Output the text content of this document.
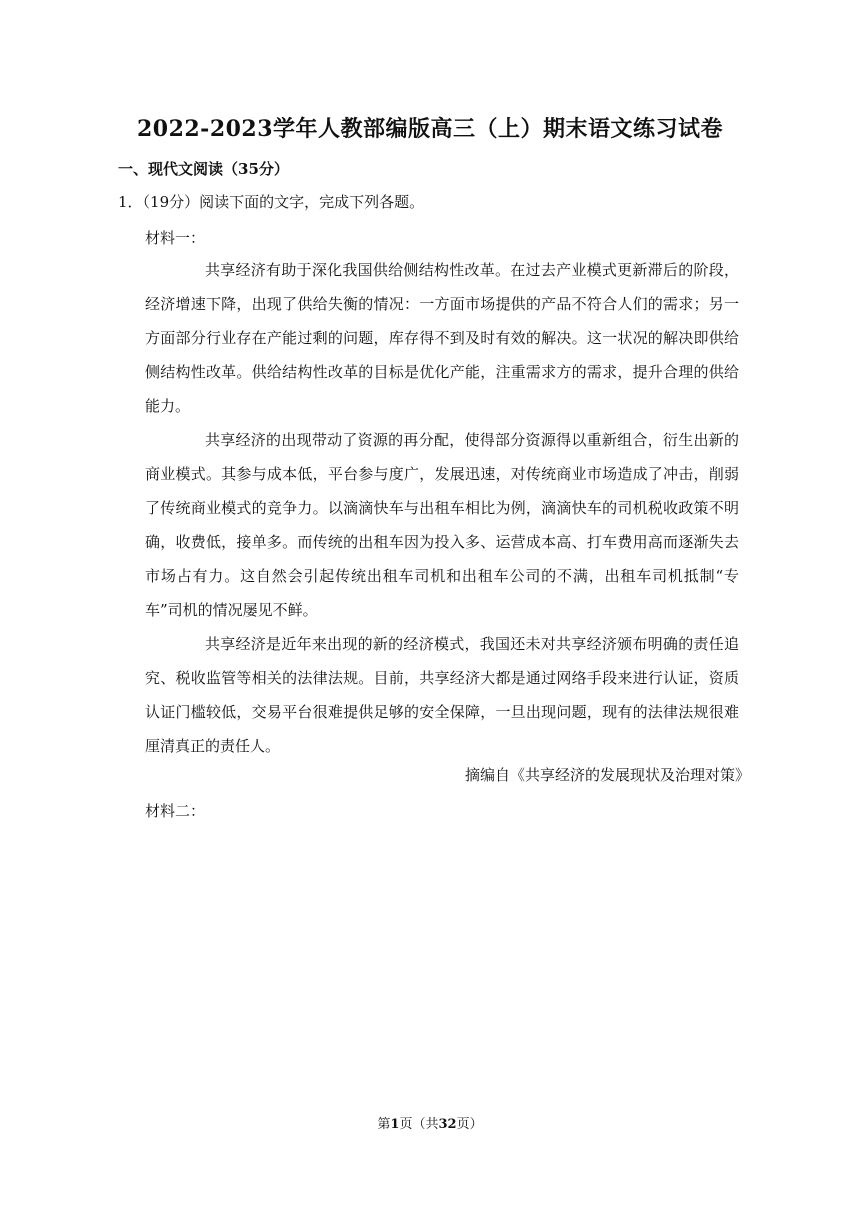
2022-2023学年人教部编版高三（上）期末语文练习试卷
一、现代文阅读（35分）
1．（19分）阅读下面的文字，完成下列各题。
材料一：

共享经济有助于深化我国供给侧结构性改革。在过去产业模式更新滞后的阶段，经济增速下降，出现了供给失衡的情况：一方面市场提供的产品不符合人们的需求；另一方面部分行业存在产能过剩的问题，库存得不到及时有效的解决。这一状况的解决即供给侧结构性改革。供给结构性改革的目标是优化产能，注重需求方的需求，提升合理的供给能力。

共享经济的出现带动了资源的再分配，使得部分资源得以重新组合，衍生出新的商业模式。其参与成本低，平台参与度广，发展迅速，对传统商业市场造成了冲击，削弱了传统商业模式的竞争力。以滴滴快车与出租车相比为例，滴滴快车的司机税收政策不明确，收费低，接单多。而传统的出租车因为投入多、运营成本高、打车费用高而逐渐失去市场占有力。这自然会引起传统出租车司机和出租车公司的不满，出租车司机抵制“专车”司机的情况屡见不鲜。

共享经济是近年来出现的新的经济模式，我国还未对共享经济颁布明确的责任追究、税收监管等相关的法律法规。目前，共享经济大都是通过网络手段来进行认证，资质认证门槛较低，交易平台很难提供足够的安全保障，一旦出现问题，现有的法律法规很难厘清真正的责任人。

摘编自《共享经济的发展现状及治理对策》
材料二：
第1页（共32页）
